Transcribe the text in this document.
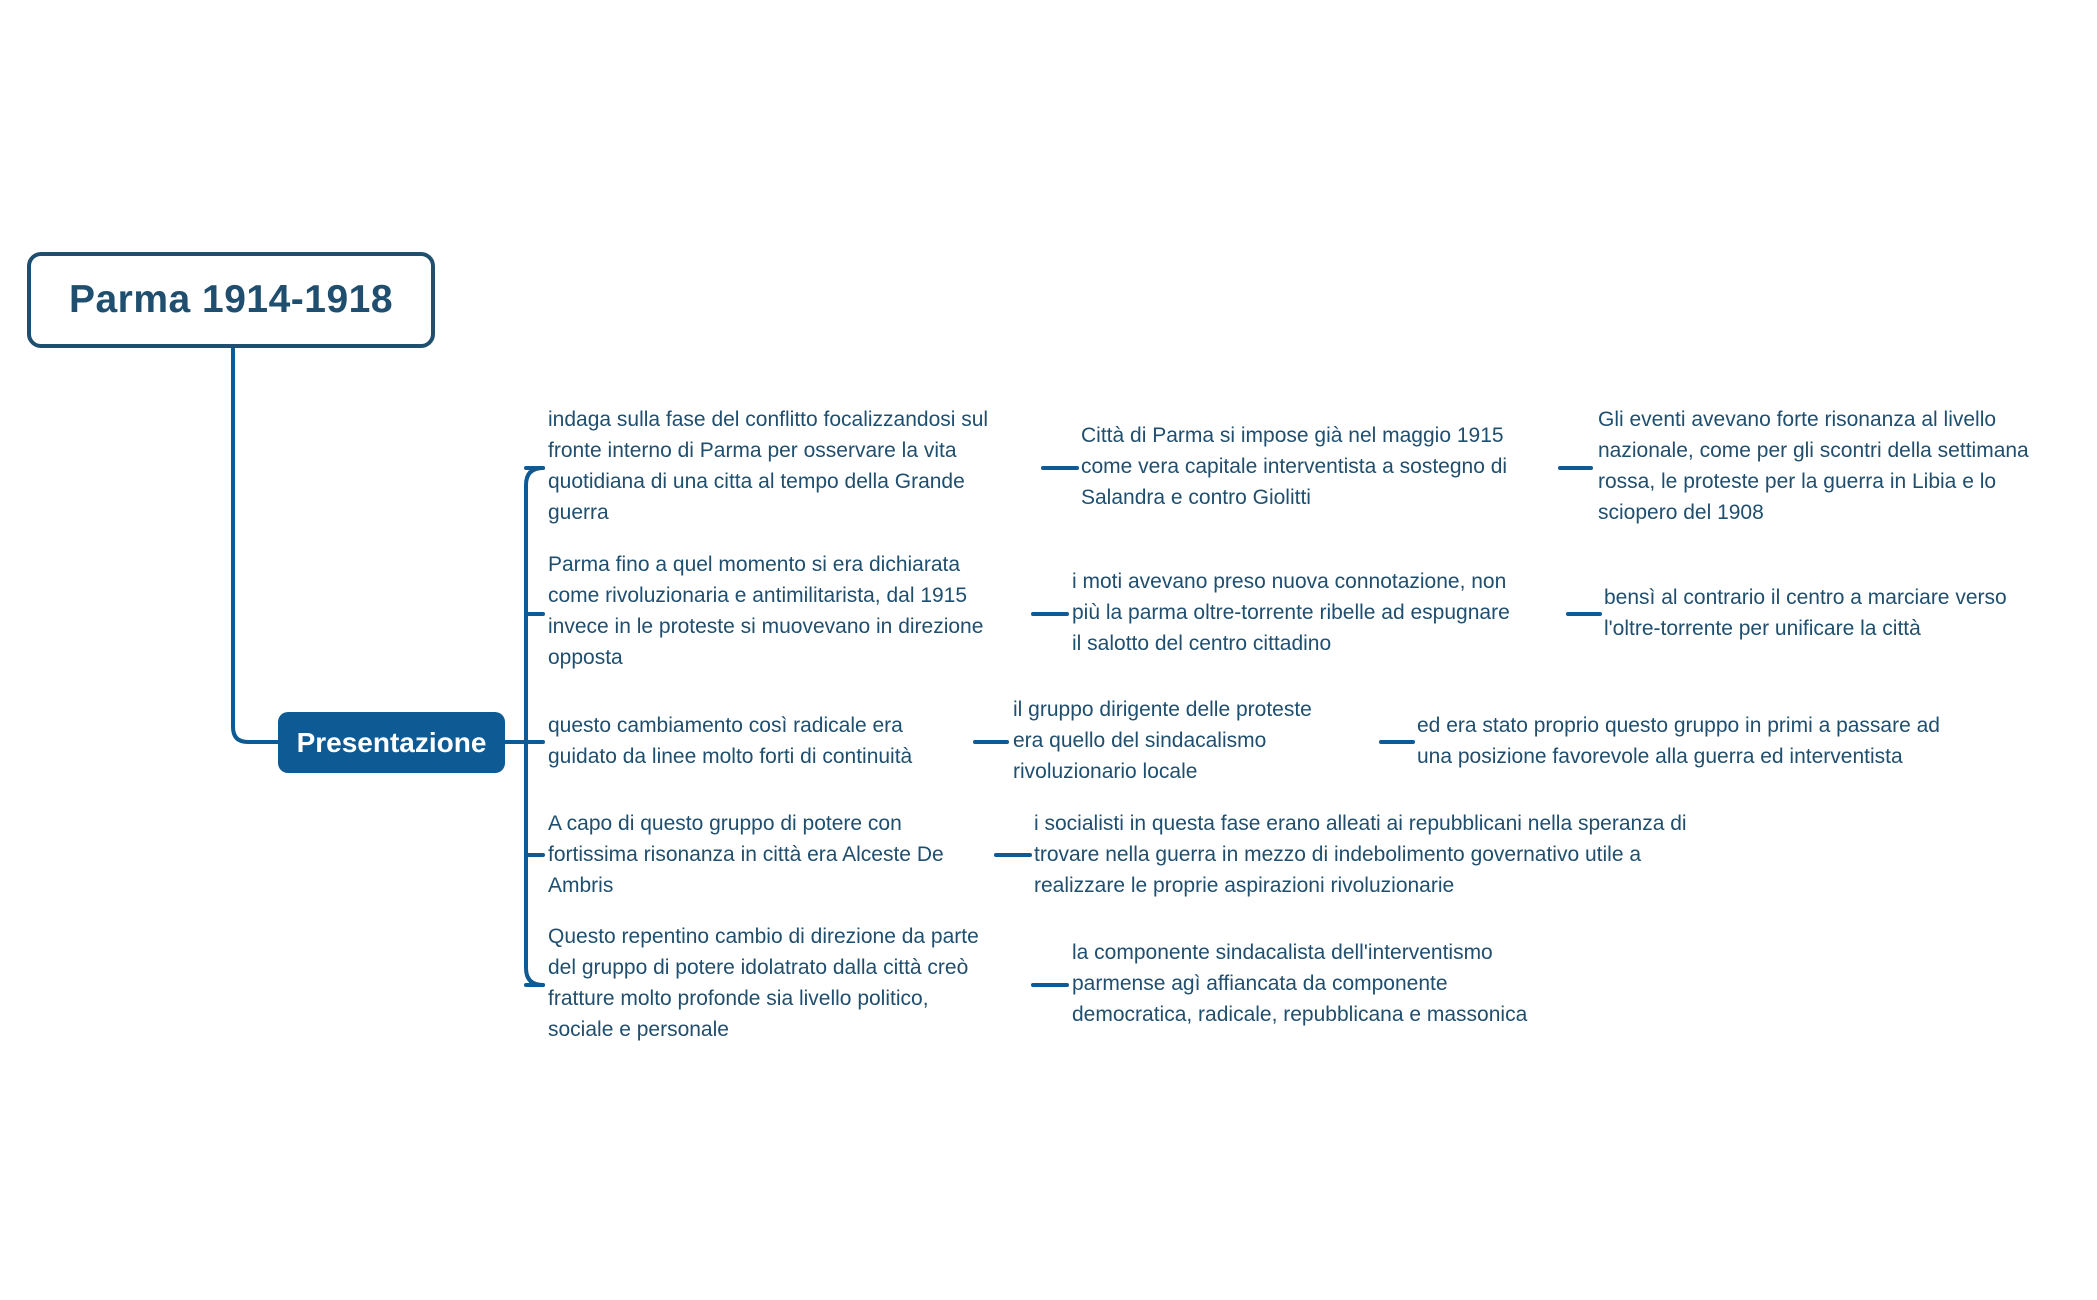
Parma 1914-1918
Presentazione
indaga sulla fase del conflitto focalizzandosi sul
fronte interno di Parma per osservare la vita
quotidiana di una citta al tempo della Grande
guerra
Parma fino a quel momento si era dichiarata
come rivoluzionaria e antimilitarista, dal 1915
invece in le proteste si muovevano in direzione
opposta
questo cambiamento così radicale era
guidato da linee molto forti di continuità
A capo di questo gruppo di potere con
fortissima risonanza in città era Alceste De
Ambris
Questo repentino cambio di direzione da parte
del gruppo di potere idolatrato dalla città creò
fratture molto profonde sia livello politico,
sociale e personale
Città di Parma si impose già nel maggio 1915
come vera capitale interventista a sostegno di
Salandra e contro Giolitti
i moti avevano preso nuova connotazione, non
più la parma oltre-torrente ribelle ad espugnare
il salotto del centro cittadino
il gruppo dirigente delle proteste
era quello del sindacalismo
rivoluzionario locale
i socialisti in questa fase erano alleati ai repubblicani nella speranza di
trovare nella guerra in mezzo di indebolimento governativo utile a
realizzare le proprie aspirazioni rivoluzionarie
la componente sindacalista dell'interventismo
parmense agì affiancata da componente
democratica, radicale, repubblicana e massonica
Gli eventi avevano forte risonanza al livello
nazionale, come per gli scontri della settimana
rossa, le proteste per la guerra in Libia e lo
sciopero del 1908
bensì al contrario il centro a marciare verso
l'oltre-torrente per unificare la città
ed era stato proprio questo gruppo in primi a passare ad
una posizione favorevole alla guerra ed interventista
